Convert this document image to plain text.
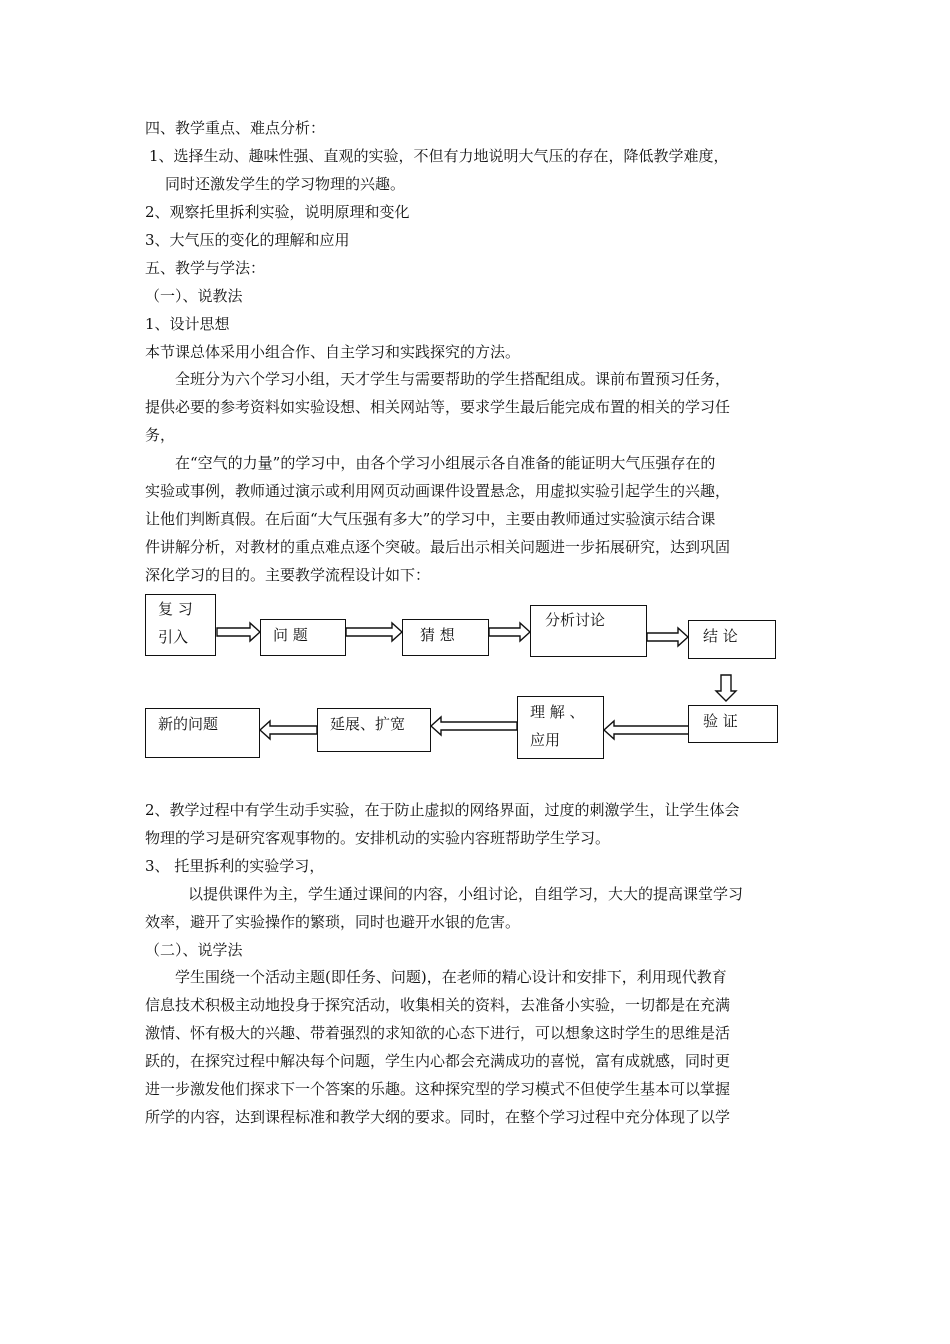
四、教学重点、难点分析：
1、选择生动、趣味性强、直观的实验，不但有力地说明大气压的存在，降低教学难度，
同时还激发学生的学习物理的兴趣。
2、观察托里拆利实验，说明原理和变化
3、大气压的变化的理解和应用
五、教学与学法：
（一）、说教法
1、设计思想
本节课总体采用小组合作、自主学习和实践探究的方法。
全班分为六个学习小组，天才学生与需要帮助的学生搭配组成。课前布置预习任务，
提供必要的参考资料如实验设想、相关网站等，要求学生最后能完成布置的相关的学习任
务，
在“空气的力量”的学习中，由各个学习小组展示各自准备的能证明大气压强存在的
实验或事例，教师通过演示或利用网页动画课件设置悬念，用虚拟实验引起学生的兴趣，
让他们判断真假。在后面“大气压强有多大”的学习中，主要由教师通过实验演示结合课
件讲解分析，对教材的重点难点逐个突破。最后出示相关问题进一步拓展研究，达到巩固
深化学习的目的。主要教学流程设计如下：
复 习
引入	问 题	猜 想
分析讨论
结 论
验 证
理 解 、
应用
延展、扩宽
新的问题
2、教学过程中有学生动手实验，在于防止虚拟的网络界面，过度的刺激学生，让学生体会
物理的学习是研究客观事物的。安排机动的实验内容班帮助学生学习。
3、 托里拆利的实验学习，
以提供课件为主，学生通过课间的内容，小组讨论，自组学习，大大的提高课堂学习
效率，避开了实验操作的繁琐，同时也避开水银的危害。
（二）、说学法
学生围绕一个活动主题(即任务、问题)，在老师的精心设计和安排下，利用现代教育
信息技术积极主动地投身于探究活动，收集相关的资料，去准备小实验，一切都是在充满
激情、怀有极大的兴趣、带着强烈的求知欲的心态下进行，可以想象这时学生的思维是活
跃的，在探究过程中解决每个问题，学生内心都会充满成功的喜悦，富有成就感，同时更
进一步激发他们探求下一个答案的乐趣。这种探究型的学习模式不但使学生基本可以掌握
所学的内容，达到课程标准和教学大纲的要求。同时，在整个学习过程中充分体现了以学
